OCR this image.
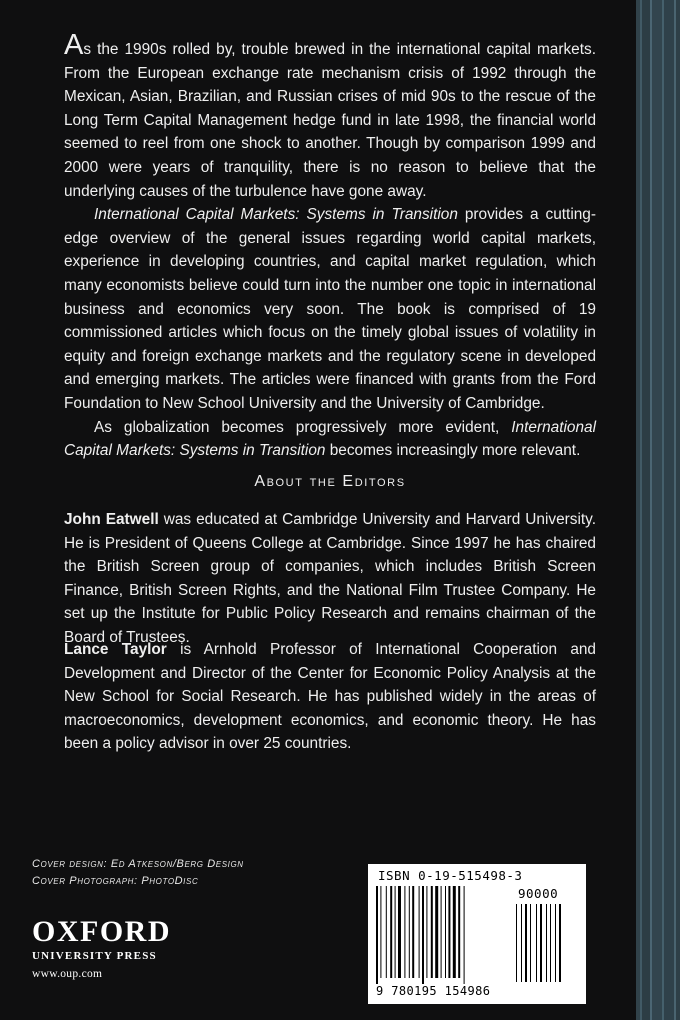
As the 1990s rolled by, trouble brewed in the international capital markets. From the European exchange rate mechanism crisis of 1992 through the Mexican, Asian, Brazilian, and Russian crises of mid 90s to the rescue of the Long Term Capital Management hedge fund in late 1998, the financial world seemed to reel from one shock to another. Though by comparison 1999 and 2000 were years of tranquility, there is no reason to believe that the underlying causes of the turbulence have gone away.

International Capital Markets: Systems in Transition provides a cutting-edge overview of the general issues regarding world capital markets, experience in developing countries, and capital market regulation, which many economists believe could turn into the number one topic in international business and economics very soon. The book is comprised of 19 commissioned articles which focus on the timely global issues of volatility in equity and foreign exchange markets and the regulatory scene in developed and emerging markets. The articles were financed with grants from the Ford Foundation to New School University and the University of Cambridge.

As globalization becomes progressively more evident, International Capital Markets: Systems in Transition becomes increasingly more relevant.

About the Editors

John Eatwell was educated at Cambridge University and Harvard University. He is President of Queens College at Cambridge. Since 1997 he has chaired the British Screen group of companies, which includes British Screen Finance, British Screen Rights, and the National Film Trustee Company. He set up the Institute for Public Policy Research and remains chairman of the Board of Trustees.

Lance Taylor is Arnhold Professor of International Cooperation and Development and Director of the Center for Economic Policy Analysis at the New School for Social Research. He has published widely in the areas of macroeconomics, development economics, and economic theory. He has been a policy advisor in over 25 countries.

Cover design: Ed Atkeson/Berg Design
Cover Photograph: PhotoDisc
OXFORD
UNIVERSITY PRESS
www.oup.com
ISBN 0-19-515498-3
90000
9 780195 154986
